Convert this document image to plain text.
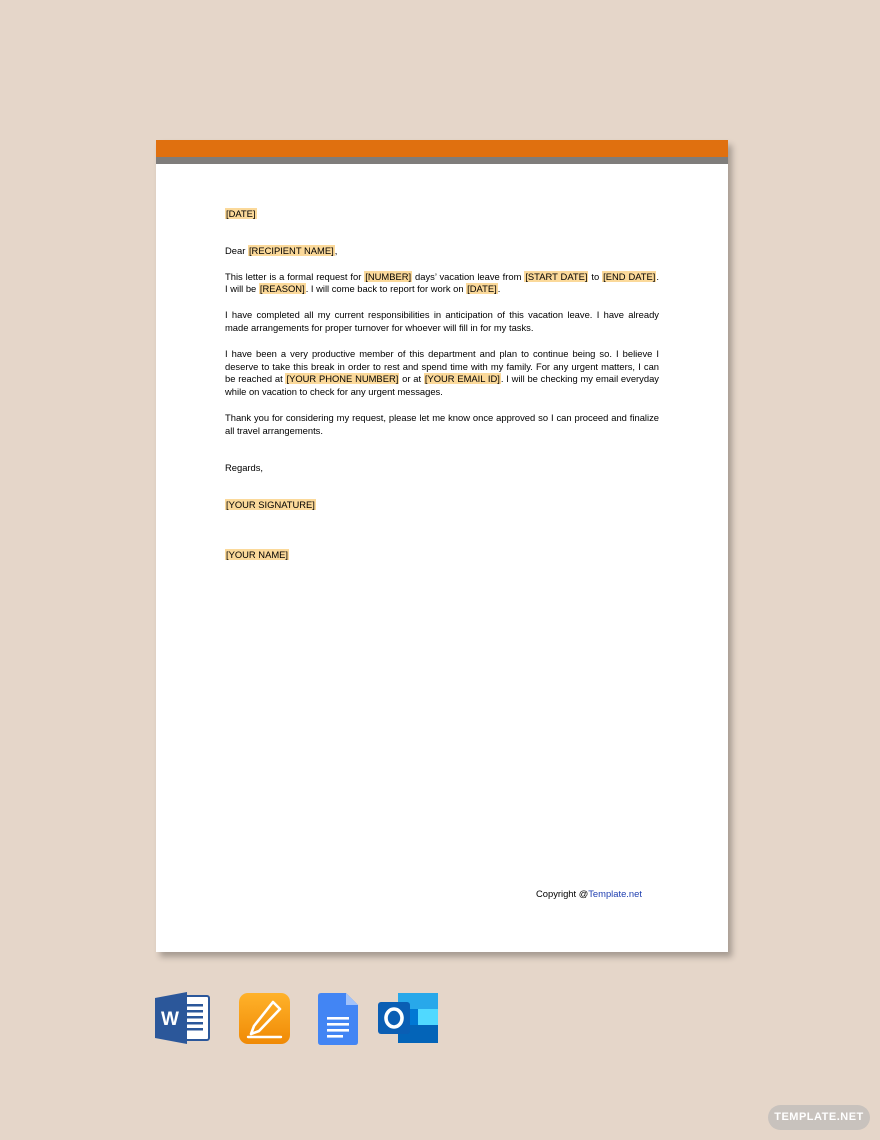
[DATE]

Dear [RECIPIENT NAME],

This letter is a formal request for [NUMBER] days’ vacation leave from [START DATE] to [END DATE]. I will be [REASON]. I will come back to report for work on [DATE].

I have completed all my current responsibilities in anticipation of this vacation leave. I have already made arrangements for proper turnover for whoever will fill in for my tasks.

I have been a very productive member of this department and plan to continue being so. I believe I deserve to take this break in order to rest and spend time with my family. For any urgent matters, I can be reached at [YOUR PHONE NUMBER] or at [YOUR EMAIL ID]. I will be checking my email everyday while on vacation to check for any urgent messages.

Thank you for considering my request, please let me know once approved so I can proceed and finalize all travel arrangements.

Regards,

[YOUR SIGNATURE]

[YOUR NAME]

Copyright @Template.net
W
TEMPLATE.NET
